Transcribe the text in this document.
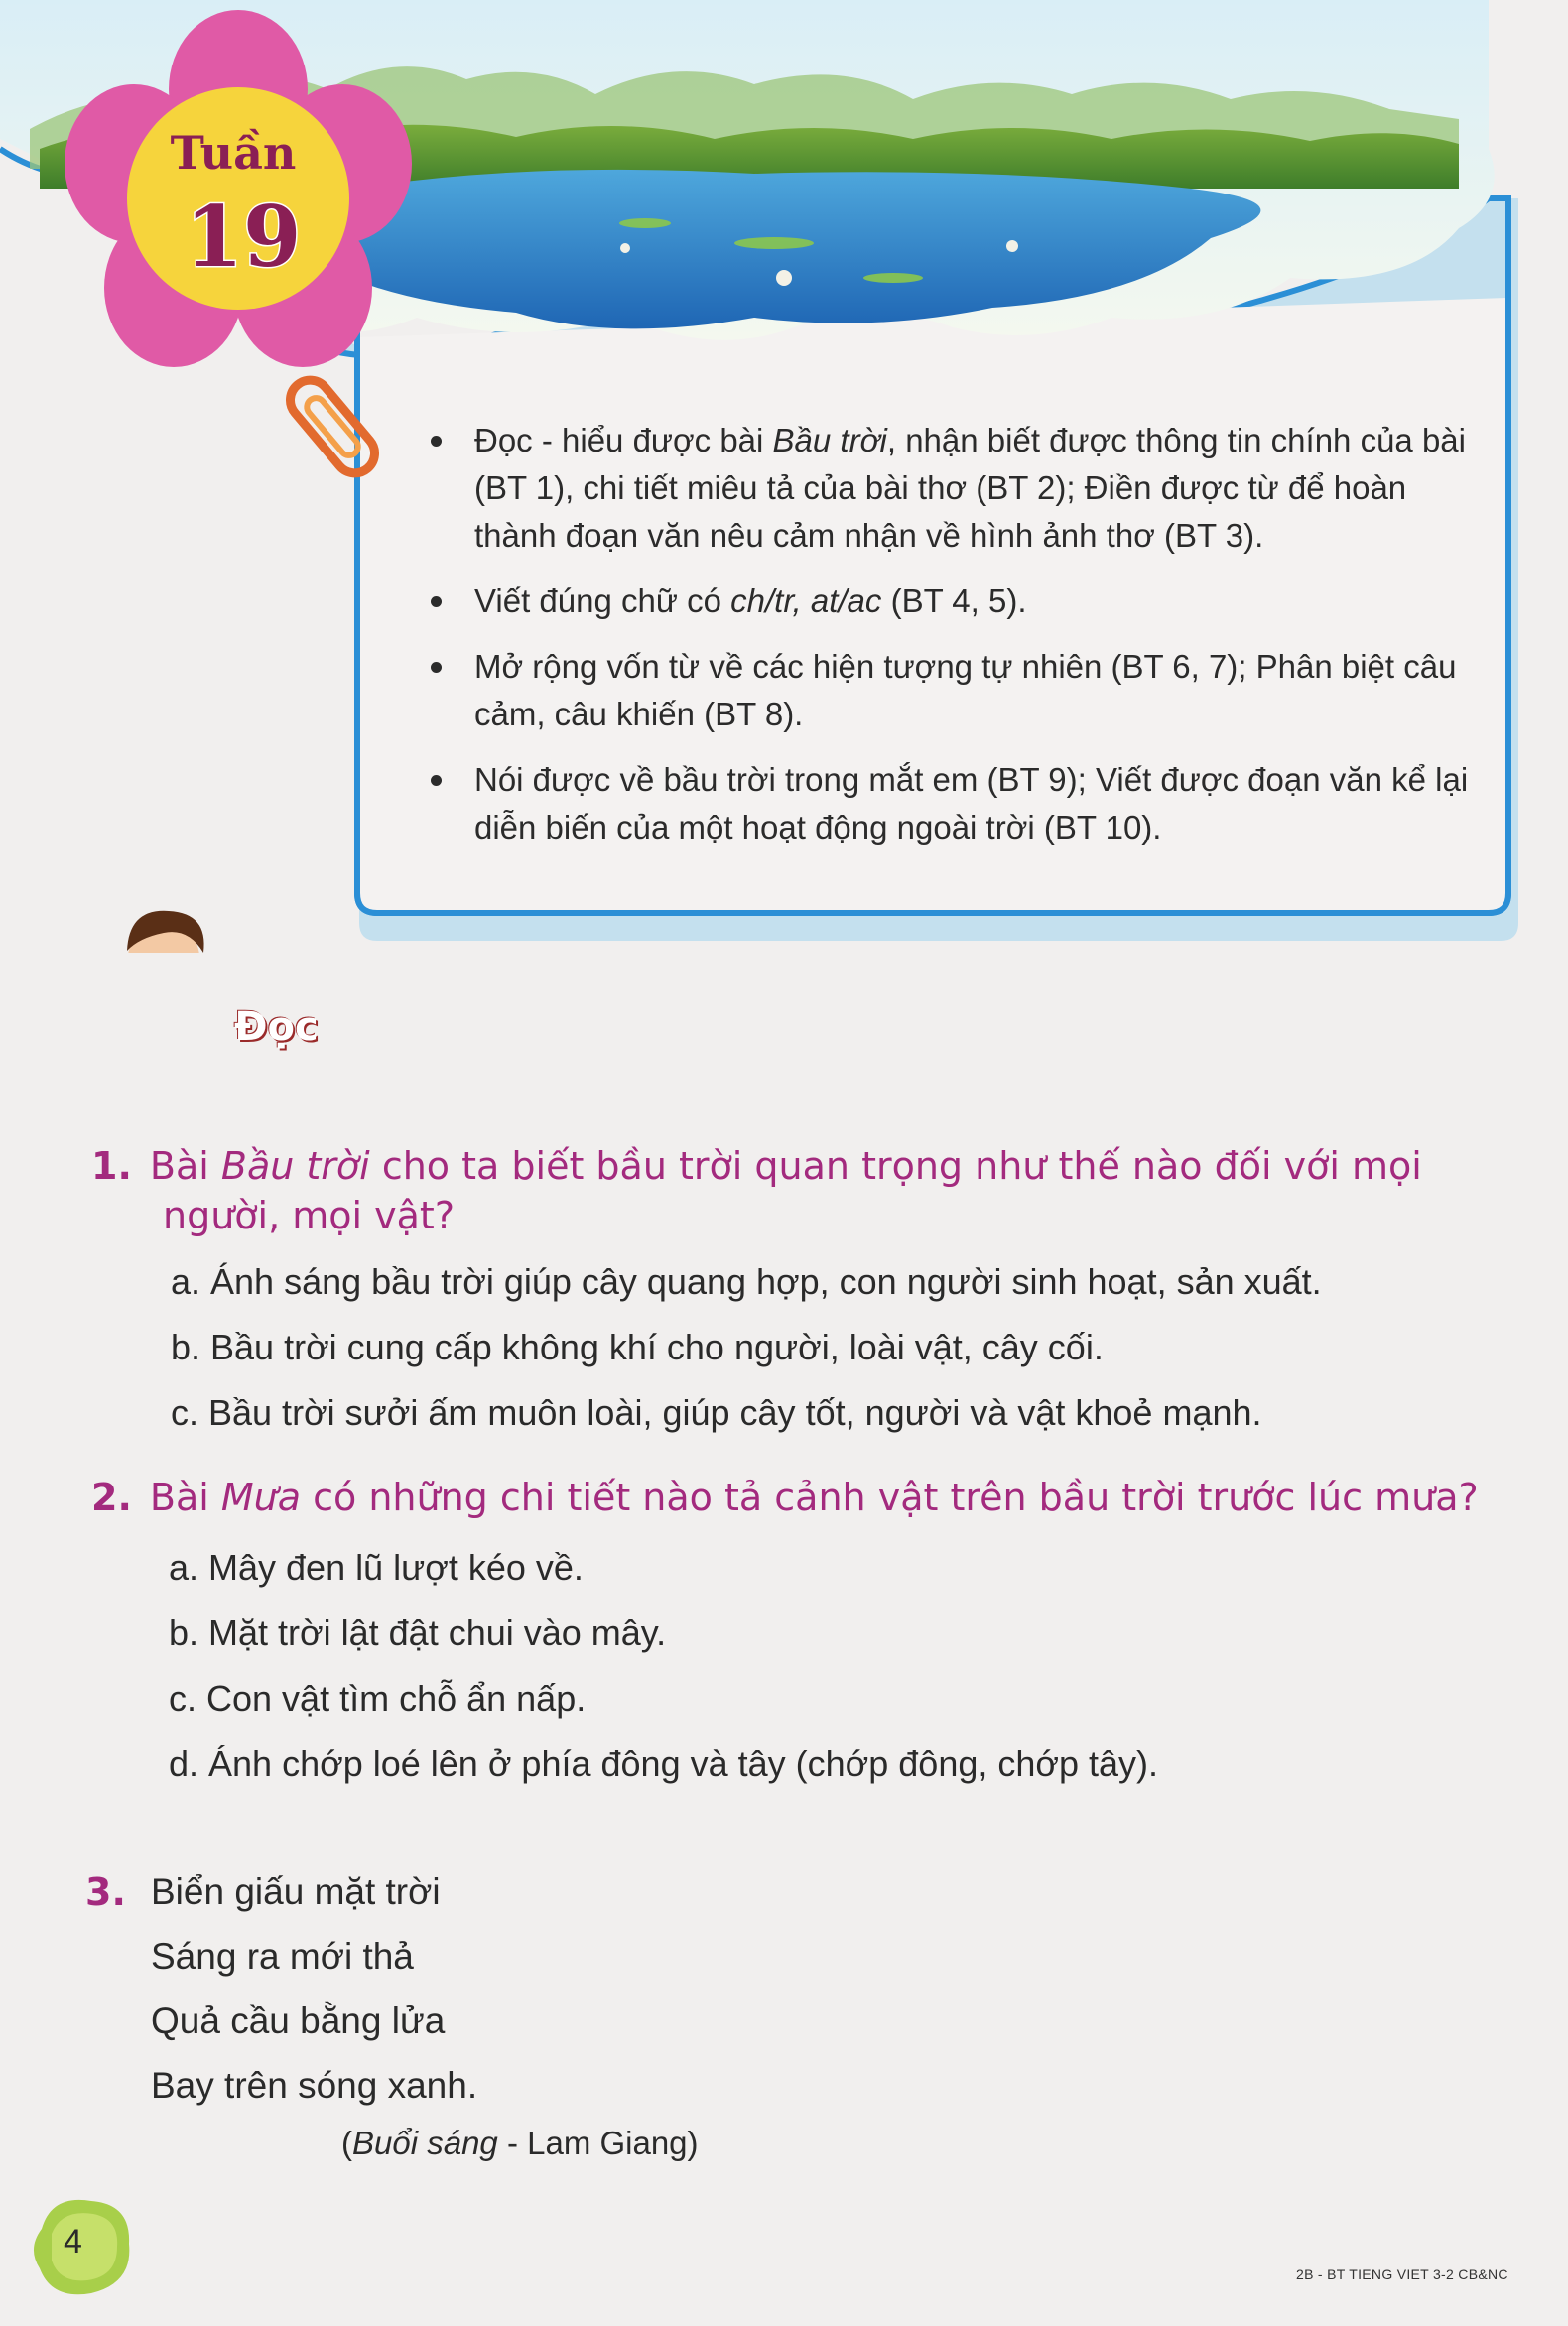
Tuần
19
Đọc - hiểu được bài Bầu trời, nhận biết được thông tin chính của bài (BT 1), chi tiết miêu tả của bài thơ (BT 2); Điền được từ để hoàn thành đoạn văn nêu cảm nhận về hình ảnh thơ (BT 3).
Viết đúng chữ có ch/tr, at/ac (BT 4, 5).
Mở rộng vốn từ về các hiện tượng tự nhiên (BT 6, 7); Phân biệt câu cảm, câu khiến (BT 8).
Nói được về bầu trời trong mắt em (BT 9); Viết được đoạn văn kể lại diễn biến của một hoạt động ngoài trời (BT 10).
Đọc
1. Bài Bầu trời cho ta biết bầu trời quan trọng như thế nào đối với mọi người, mọi vật?
a. Ánh sáng bầu trời giúp cây quang hợp, con người sinh hoạt, sản xuất.
b. Bầu trời cung cấp không khí cho người, loài vật, cây cối.
c. Bầu trời sưởi ấm muôn loài, giúp cây tốt, người và vật khoẻ mạnh.
2. Bài Mưa có những chi tiết nào tả cảnh vật trên bầu trời trước lúc mưa?
a. Mây đen lũ lượt kéo về.
b. Mặt trời lật đật chui vào mây.
c. Con vật tìm chỗ ẩn nấp.
d. Ánh chớp loé lên ở phía đông và tây (chớp đông, chớp tây).
3. Biển giấu mặt trời
Sáng ra mới thả
Quả cầu bằng lửa
Bay trên sóng xanh.
(Buổi sáng - Lam Giang)
4
2B - BT TIENG VIET 3-2 CB&NC
